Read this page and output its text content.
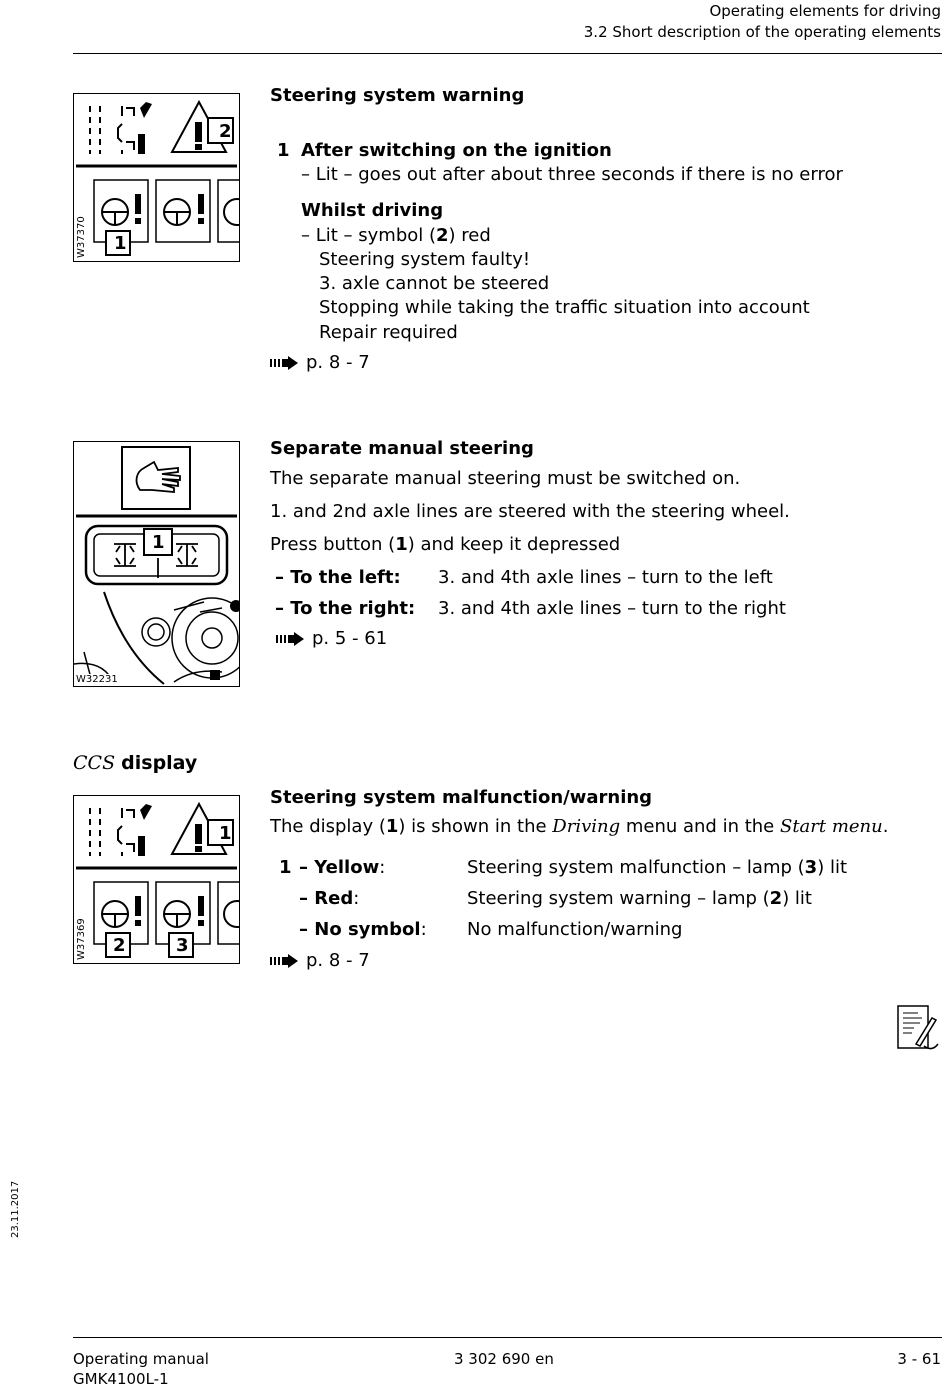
Operating elements for driving
3.2 Short description of the operating elements
2
1
W37370
Steering system warning
1 After switching on the ignition
– Lit – goes out after about three seconds if there is no error
Whilst driving
– Lit – symbol (2) red
Steering system faulty!
3. axle cannot be steered
Stopping while taking the traffic situation into account
Repair required
p. 8 - 7
1
W32231
Separate manual steering
The separate manual steering must be switched on.
1. and 2nd axle lines are steered with the steering wheel.
Press button (1) and keep it depressed
– To the left: 3. and 4th axle lines – turn to the left
– To the right: 3. and 4th axle lines – turn to the right
p. 5 - 61
CCS display
1
2	3
W37369
Steering system malfunction/warning
The display (1) is shown in the Driving menu and in the Start menu.
1 – Yellow:	Steering system malfunction – lamp (3) lit
– Red:	Steering system warning – lamp (2) lit
– No symbol: No malfunction/warning
p. 8 - 7
23.11.2017
Operating manual
GMK4100L-1
3 302 690 en	3 - 61
